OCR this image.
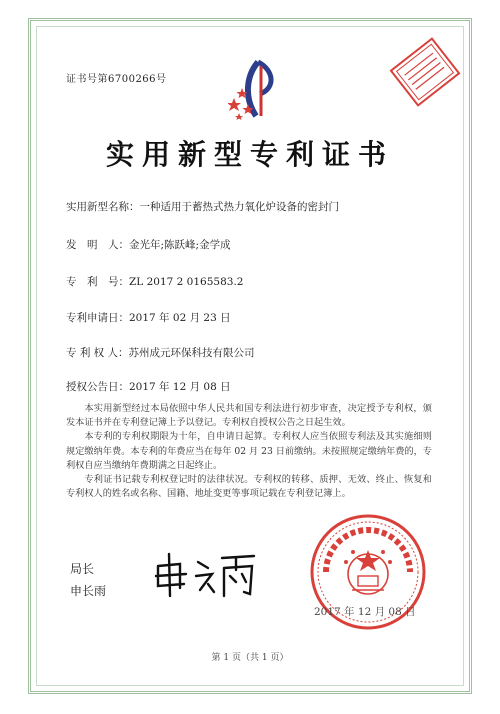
证书号第6700266号
实用新型专利证书
实用新型名称：一种适用于蓄热式热力氧化炉设备的密封门
发　明　人：金光年;陈跃峰;金学成
专　利　号：ZL 2017 2 0165583.2
专利申请日：2017 年 02 月 23 日
专 利 权 人：苏州成元环保科技有限公司
授权公告日：2017 年 12 月 08 日

本实用新型经过本局依照中华人民共和国专利法进行初步审查，决定授予专利权，颁发本证书并在专利登记簿上予以登记。专利权自授权公告之日起生效。

本专利的专利权期限为十年，自申请日起算。专利权人应当依照专利法及其实施细则规定缴纳年费。本专利的年费应当在每年 02 月 23 日前缴纳。未按照规定缴纳年费的，专利权自应当缴纳年费期满之日起终止。

专利证书记载专利权登记时的法律状况。专利权的转移、质押、无效、终止、恢复和专利权人的姓名或名称、国籍、地址变更等事项记载在专利登记簿上。

局长
申长雨
2017 年 12 月 08 日
第 1 页（共 1 页）
